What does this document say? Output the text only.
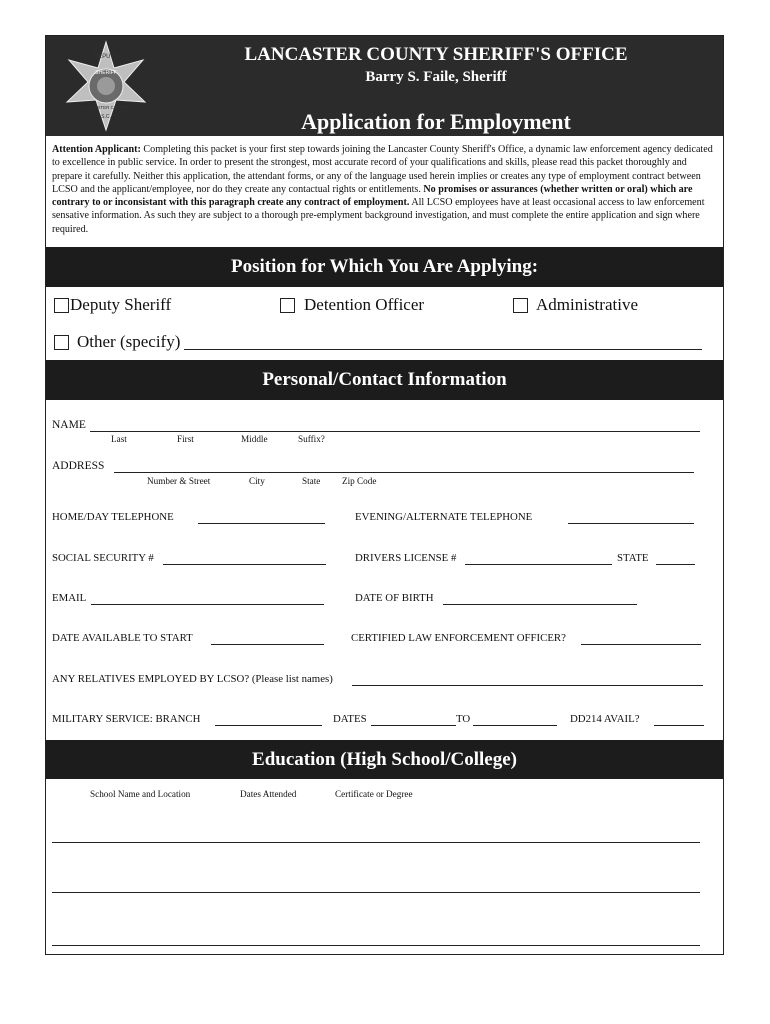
DEPUTY
SHERIFF
LANCASTER COUNTY
S.C.
LANCASTER COUNTY SHERIFF'S OFFICE
Barry S. Faile, Sheriff
Application for Employment
Attention Applicant: Completing this packet is your first step towards joining the Lancaster County Sheriff's Office, a dynamic law enforcement agency dedicated to excellence in public service. In order to present the strongest, most accurate record of your qualifications and skills, please read this packet thoroughly and prepare it carefully. Neither this application, the attendant forms, or any of the language used herein implies or creates any type of employment contract between LCSO and the applicant/employee, nor do they create any contactual rights or entitlements. No promises or assurances (whether written or oral) which are contrary to or inconsistant with this paragraph create any contract of employment. All LCSO employees have at least occasional access to law enforcement sensative information. As such they are subject to a thorough pre-emplyment background investigation, and must complete the entire application and sign where required.
Position for Which You Are Applying:
Deputy Sheriff	Detention Officer	Administrative
Other (specify)
Personal/Contact Information
NAME
Last	First	Middle	Suffix?
ADDRESS
Number & Street	City	State Zip Code
HOME/DAY TELEPHONE	EVENING/ALTERNATE TELEPHONE
SOCIAL SECURITY #	DRIVERS LICENSE #	STATE
EMAIL	DATE OF BIRTH
DATE AVAILABLE TO START	CERTIFIED LAW ENFORCEMENT OFFICER?
ANY RELATIVES EMPLOYED BY LCSO? (Please list names)
MILITARY SERVICE: BRANCH	DATES	TO	DD214 AVAIL?
Education (High School/College)
School Name and Location	Dates Attended	Certificate or Degree
